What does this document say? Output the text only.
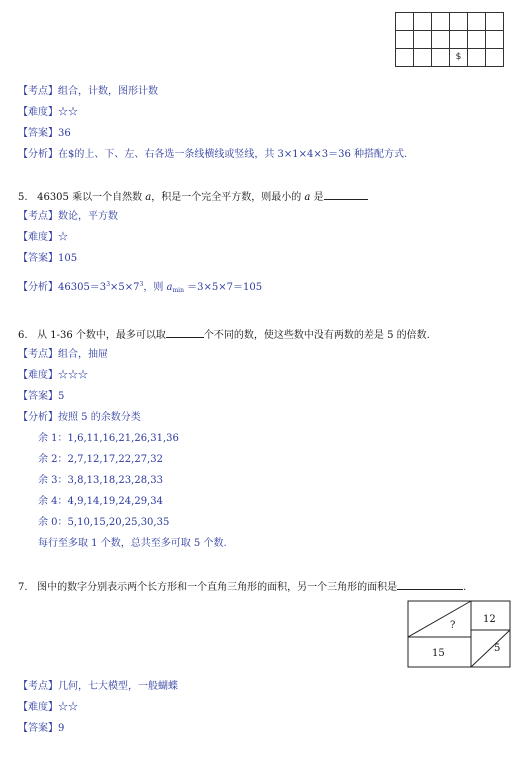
			$		
【考点】组合，计数，图形计数
【难度】☆☆
【答案】36
【分析】在$的上、下、左、右各选一条线横线或竖线，共 3×1×4×3＝36 种搭配方式.
5. 46305 乘以一个自然数 a，积是一个完全平方数，则最小的 a 是
【考点】数论，平方数
【难度】☆
【答案】105
【分析】$46305=3^3\times 5\times 7^3$，则 $a_{min} =3\times 5\times 7=105$
6. 从 1-36 个数中，最多可以取	个不同的数，使这些数中没有两数的差是 5 的倍数.
【考点】组合，抽屉
【难度】☆☆☆
【答案】5
【分析】按照 5 的余数分类
余 1：1,6,11,16,21,26,31,36
余 2：2,7,12,17,22,27,32
余 3：3,8,13,18,23,28,33
余 4：4,9,14,19,24,29,34
余 0：5,10,15,20,25,30,35
每行至多取 1 个数，总共至多可取 5 个数.
7. 图中的数字分别表示两个长方形和一个直角三角形的面积，另一个三角形的面积是	.
?
12
15	5
【考点】几何，七大模型，一般蝴蝶
【难度】☆☆
【答案】9
